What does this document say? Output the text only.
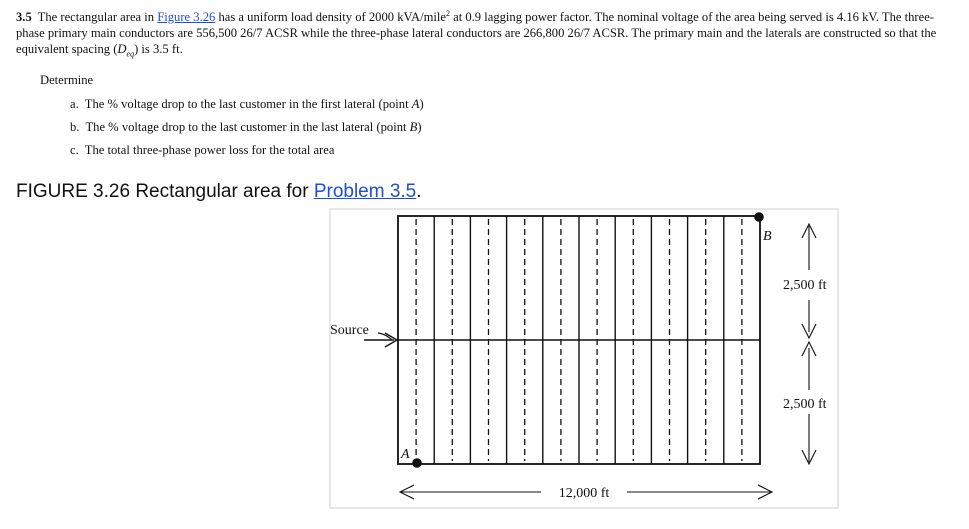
3.5 The rectangular area in Figure 3.26 has a uniform load density of 2000 kVA/mile$^2$ at 0.9 lagging power factor. The nominal voltage of the area being served is 4.16 kV. The three-phase primary main conductors are 556,500 26/7 ACSR while the three-phase lateral conductors are 266,800 26/7 ACSR. The primary main and the laterals are constructed so that the equivalent spacing $(D_{eq})$ is 3.5 ft.

Determine
a. The % voltage drop to the last customer in the first lateral (point A)
b. The % voltage drop to the last customer in the last lateral (point B)
c. The total three-phase power loss for the total area
FIGURE 3.26 Rectangular area for Problem 3.5.
Source
A
B
2,500 ft
2,500 ft
12,000 ft
